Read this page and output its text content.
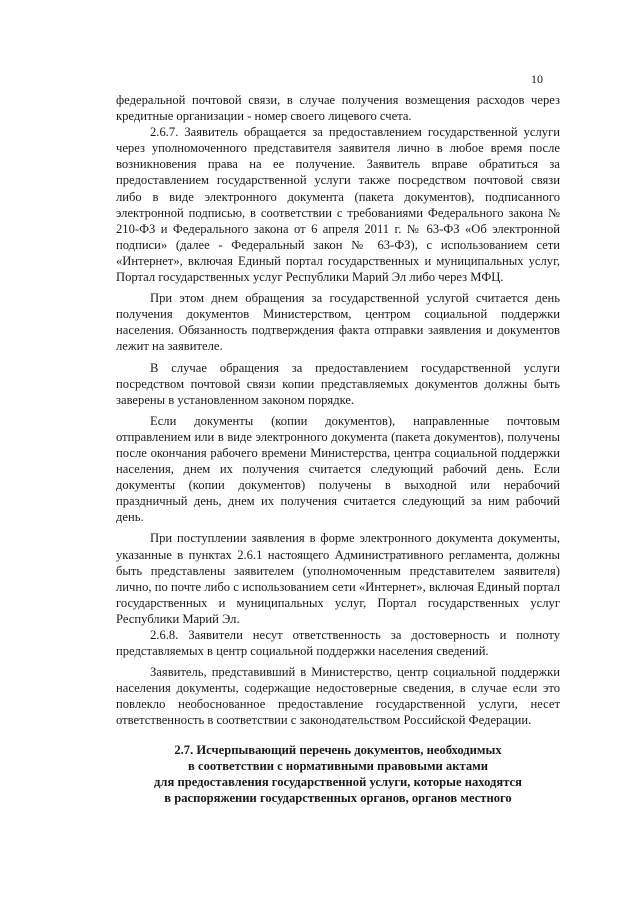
10

федеральной почтовой связи, в случае получения возмещения расходов через кредитные организации - номер своего лицевого счета.

2.6.7. Заявитель обращается за предоставлением государственной услуги через уполномоченного представителя заявителя лично в любое время после возникновения права на ее получение. Заявитель вправе обратиться за предоставлением государственной услуги также посредством почтовой связи либо в виде электронного документа (пакета документов), подписанного электронной подписью, в соответствии с требованиями Федерального закона № 210-ФЗ и Федерального закона от 6 апреля 2011 г. № 63-ФЗ «Об электронной подписи» (далее - Федеральный закон № 63-ФЗ), с использованием сети «Интернет», включая Единый портал государственных и муниципальных услуг, Портал государственных услуг Республики Марий Эл либо через МФЦ.

При этом днем обращения за государственной услугой считается день получения документов Министерством, центром социальной поддержки населения. Обязанность подтверждения факта отправки заявления и документов лежит на заявителе.

В случае обращения за предоставлением государственной услуги посредством почтовой связи копии представляемых документов должны быть заверены в установленном законом порядке.

Если документы (копии документов), направленные почтовым отправлением или в виде электронного документа (пакета документов), получены после окончания рабочего времени Министерства, центра социальной поддержки населения, днем их получения считается следующий рабочий день. Если документы (копии документов) получены в выходной или нерабочий праздничный день, днем их получения считается следующий за ним рабочий день.

При поступлении заявления в форме электронного документа документы, указанные в пунктах 2.6.1 настоящего Административного регламента, должны быть представлены заявителем (уполномоченным представителем заявителя) лично, по почте либо с использованием сети «Интернет», включая Единый портал государственных и муниципальных услуг, Портал государственных услуг Республики Марий Эл.

2.6.8. Заявители несут ответственность за достоверность и полноту представляемых в центр социальной поддержки населения сведений.

Заявитель, представивший в Министерство, центр социальной поддержки населения документы, содержащие недостоверные сведения, в случае если это повлекло необоснованное предоставление государственной услуги, несет ответственность в соответствии с законодательством Российской Федерации.

2.7. Исчерпывающий перечень документов, необходимых
в соответствии с нормативными правовыми актами
для предоставления государственной услуги, которые находятся
в распоряжении государственных органов, органов местного
